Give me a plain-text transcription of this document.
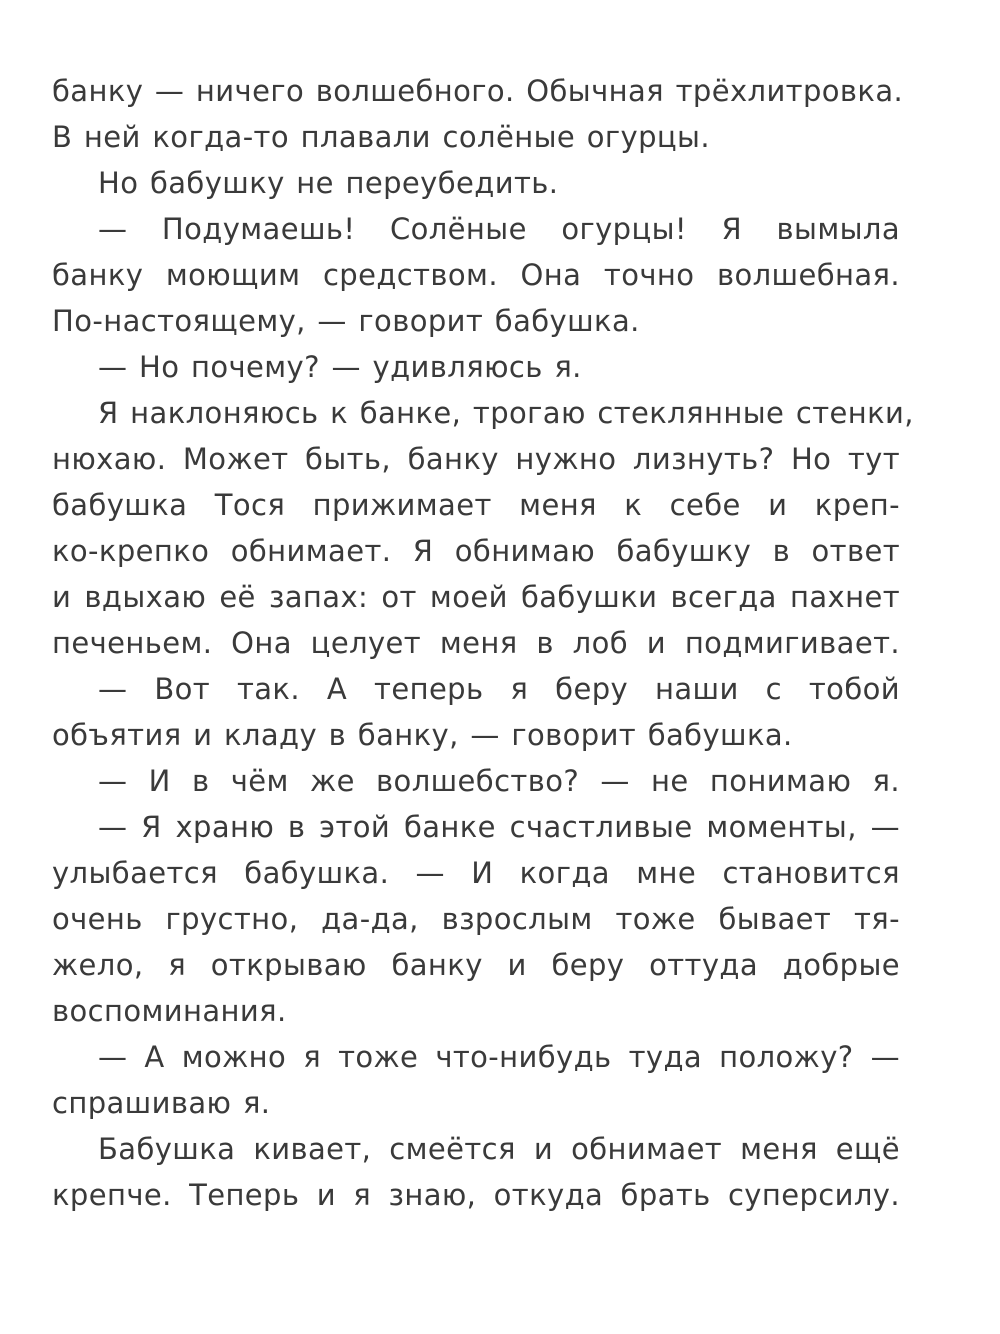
банку — ничего волшебного. Обычная трёхлитровка.
В ней когда-то плавали солёные огурцы.
Но бабушку не переубедить.
— Подумаешь! Солёные огурцы! Я вымыла
банку моющим средством. Она точно волшебная.
По-настоящему, — говорит бабушка.
— Но почему? — удивляюсь я.
Я наклоняюсь к банке, трогаю стеклянные стенки,
нюхаю. Может быть, банку нужно лизнуть? Но тут
бабушка Тося прижимает меня к себе и креп-
ко-крепко обнимает. Я обнимаю бабушку в ответ
и вдыхаю её запах: от моей бабушки всегда пахнет
печеньем. Она целует меня в лоб и подмигивает.
— Вот так. А теперь я беру наши с тобой
объятия и кладу в банку, — говорит бабушка.
— И в чём же волшебство? — не понимаю я.
— Я храню в этой банке счастливые моменты, —
улыбается бабушка. — И когда мне становится
очень грустно, да-да, взрослым тоже бывает тя-
жело, я открываю банку и беру оттуда добрые
воспоминания.
— А можно я тоже что-нибудь туда положу? —
спрашиваю я.
Бабушка кивает, смеётся и обнимает меня ещё
крепче. Теперь и я знаю, откуда брать суперсилу.
